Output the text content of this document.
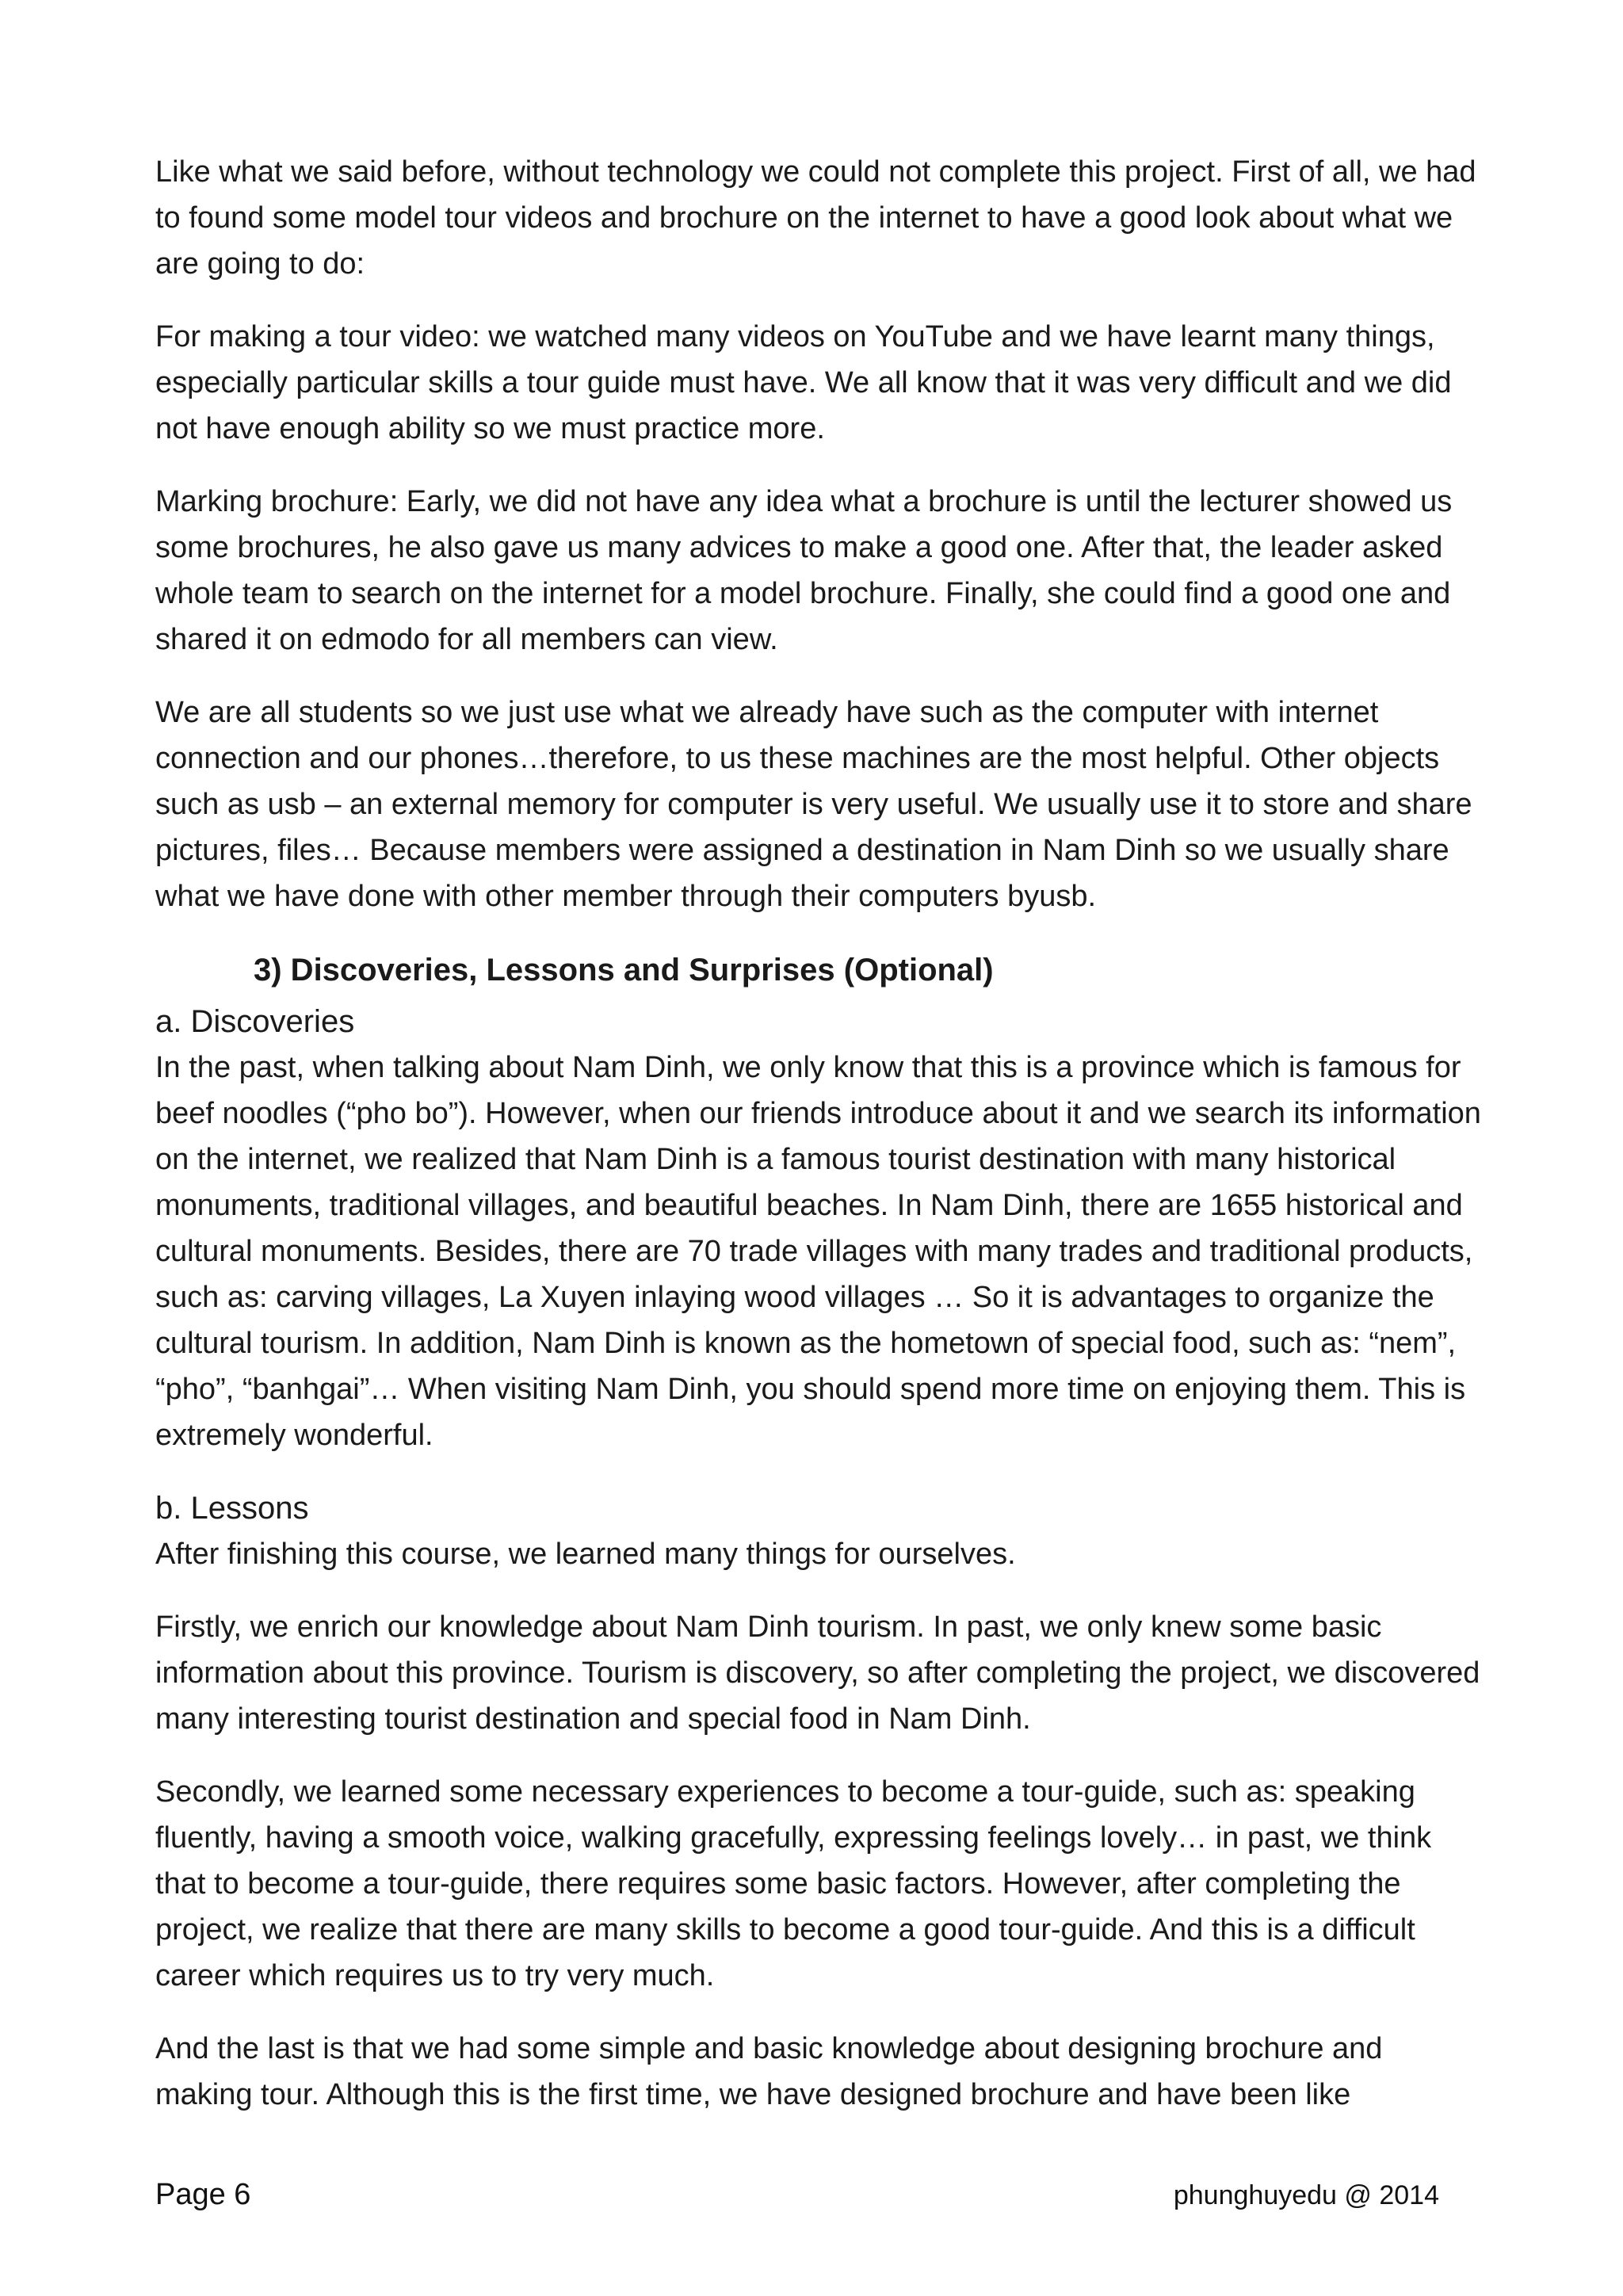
Like what we said before, without technology we could not complete this project. First of all, we had to found some model tour videos and brochure on the internet to have a good look about what we are going to do:

For making a tour video: we watched many videos on YouTube and we have learnt many things, especially particular skills a tour guide must have. We all know that it was very difficult and we did not have enough ability so we must practice more.

Marking brochure: Early, we did not have any idea what a brochure is until the lecturer showed us some brochures, he also gave us many advices to make a good one. After that, the leader asked whole team to search on the internet for a model brochure. Finally, she could find a good one and shared it on edmodo for all members can view.

We are all students so we just use what we already have such as the computer with internet connection and our phones…therefore, to us these machines are the most helpful. Other objects such as usb – an external memory for computer is very useful. We usually use it to store and share pictures, files… Because members were assigned a destination in Nam Dinh so we usually share what we have done with other member through their computers byusb.

3) Discoveries, Lessons and Surprises (Optional)
a. Discoveries

In the past, when talking about Nam Dinh, we only know that this is a province which is famous for beef noodles (“pho bo”). However, when our friends introduce about it and we search its information on the internet, we realized that Nam Dinh is a famous tourist destination with many historical monuments, traditional villages, and beautiful beaches. In Nam Dinh, there are 1655 historical and cultural monuments. Besides, there are 70 trade villages with many trades and traditional products, such as: carving villages, La Xuyen inlaying wood villages … So it is advantages to organize the cultural tourism. In addition, Nam Dinh is known as the hometown of special food, such as: “nem”, “pho”, “banhgai”… When visiting Nam Dinh, you should spend more time on enjoying them. This is extremely wonderful.

b. Lessons

After finishing this course, we learned many things for ourselves.

Firstly, we enrich our knowledge about Nam Dinh tourism. In past, we only knew some basic information about this province. Tourism is discovery, so after completing the project, we discovered many interesting tourist destination and special food in Nam Dinh.

Secondly, we learned some necessary experiences to become a tour-guide, such as: speaking fluently, having a smooth voice, walking gracefully, expressing feelings lovely… in past, we think that to become a tour-guide, there requires some basic factors. However, after completing the project, we realize that there are many skills to become a good tour-guide. And this is a difficult career which requires us to try very much.

And the last is that we had some simple and basic knowledge about designing brochure and making tour. Although this is the first time, we have designed brochure and have been like

Page 6	phunghuyedu @ 2014
